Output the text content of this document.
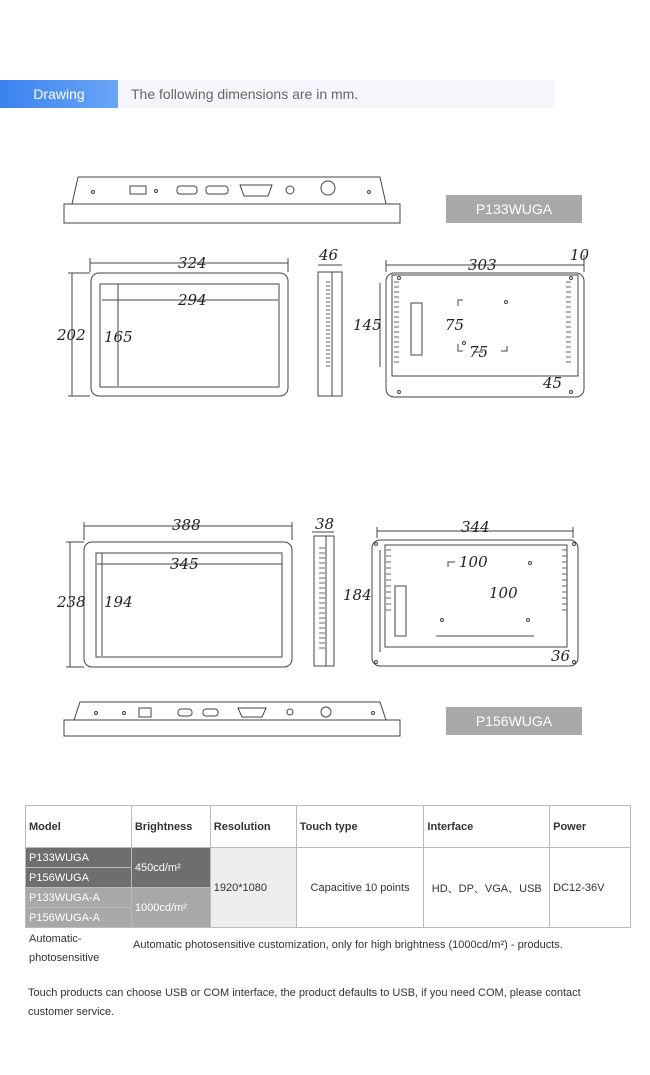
Drawing	The following dimensions are in mm.
324
294
202 165
46
303
10
145	75
75
45
388
345
238 194
38	344
184
100
100
36
P133WUGA
P156WUGA
Model	Brightness	Resolution	Touch type	Interface	Power
P133WUGA	450cd/m²	1920*1080	Capacitive 10 points	HD、DP、VGA、USB	DC12-36V
P156WUGA					
P133WUGA-A	1000cd/m²				
P156WUGA-A					
Automatic-photosensitive
Automatic photosensitive customization, only for high brightness (1000cd/m²) - products.
Touch products can choose USB or COM interface, the product defaults to USB, if you need COM, please contact customer service.
